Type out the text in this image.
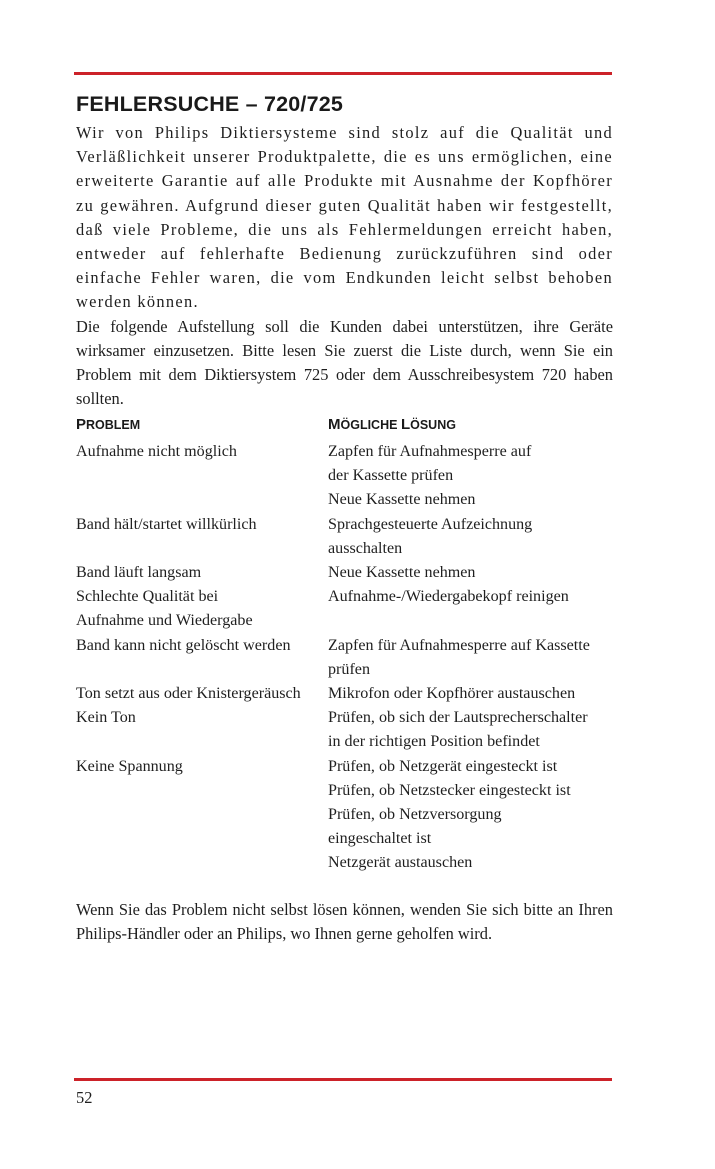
FEHLERSUCHE – 720/725

Wir von Philips Diktiersysteme sind stolz auf die Qualität und Verläßlichkeit unserer Produktpalette, die es uns ermöglichen, eine erweiterte Garantie auf alle Produkte mit Ausnahme der Kopfhörer zu gewähren. Aufgrund dieser guten Qualität haben wir festgestellt, daß viele Probleme, die uns als Fehlermeldungen erreicht haben, entweder auf fehlerhafte Bedienung zurückzuführen sind oder einfache Fehler waren, die vom Endkunden leicht selbst behoben werden können.

Die folgende Aufstellung soll die Kunden dabei unterstützen, ihre Geräte wirksamer einzusetzen. Bitte lesen Sie zuerst die Liste durch, wenn Sie ein Problem mit dem Diktiersystem 725 oder dem Ausschreibesystem 720 haben sollten.

PROBLEM	MÖGLICHE LÖSUNG
Aufnahme nicht möglich	Zapfen für Aufnahmesperre auf
der Kassette prüfen
Neue Kassette nehmen
Band hält/startet willkürlich	Sprachgesteuerte Aufzeichnung
ausschalten
Band läuft langsam	Neue Kassette nehmen
Schlechte Qualität bei	Aufnahme-/Wiedergabekopf reinigen
Aufnahme und Wiedergabe
Band kann nicht gelöscht werden	Zapfen für Aufnahmesperre auf Kassette
prüfen
Ton setzt aus oder Knistergeräusch	Mikrofon oder Kopfhörer austauschen
Kein Ton	Prüfen, ob sich der Lautsprecherschalter
in der richtigen Position befindet
Keine Spannung	Prüfen, ob Netzgerät eingesteckt ist
Prüfen, ob Netzstecker eingesteckt ist
Prüfen, ob Netzversorgung
eingeschaltet ist
Netzgerät austauschen

Wenn Sie das Problem nicht selbst lösen können, wenden Sie sich bitte an Ihren Philips-Händler oder an Philips, wo Ihnen gerne geholfen wird.

52
